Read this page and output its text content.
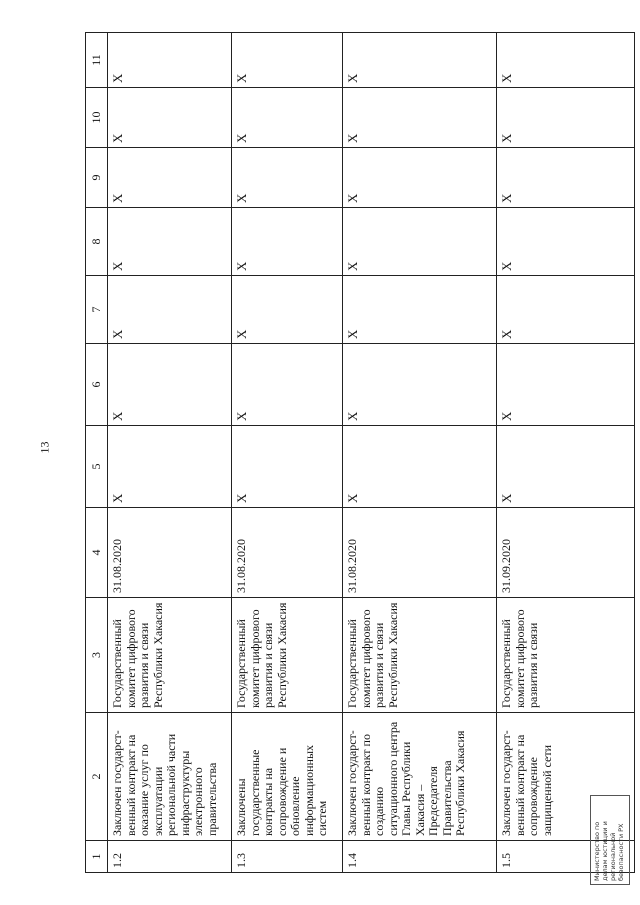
13
1	2	3	4	5	6	7	8	9	10	11
1.2	Заключен государст-венный контракт на оказание услуг по эксплуатации региональной части инфраструктуры электронного правительства	Государственный комитет цифрового развития и связи Республики Хакасия	31.08.2020	X	X	X	X	X	X	X
1.3	Заключены государственные контракты на сопровождение и обновление информационных систем	Государственный комитет цифрового развития и связи Республики Хакасия	31.08.2020	X	X	X	X	X	X	X
1.4	Заключен государст-венный контракт по созданию ситуационного центра Главы Республики Хакасия – Председателя Правительства Республики Хакасия	Государственный комитет цифрового развития и связи Республики Хакасия	31.08.2020	X	X	X	X	X	X	X
1.5	Заключен государст-венный контракт на сопровождение защищенной сети	Государственный комитет цифрового развития и связи	31.09.2020	X	X	X	X	X	X	X
Министерство по делам юстиции и региональной безопасности РХ
